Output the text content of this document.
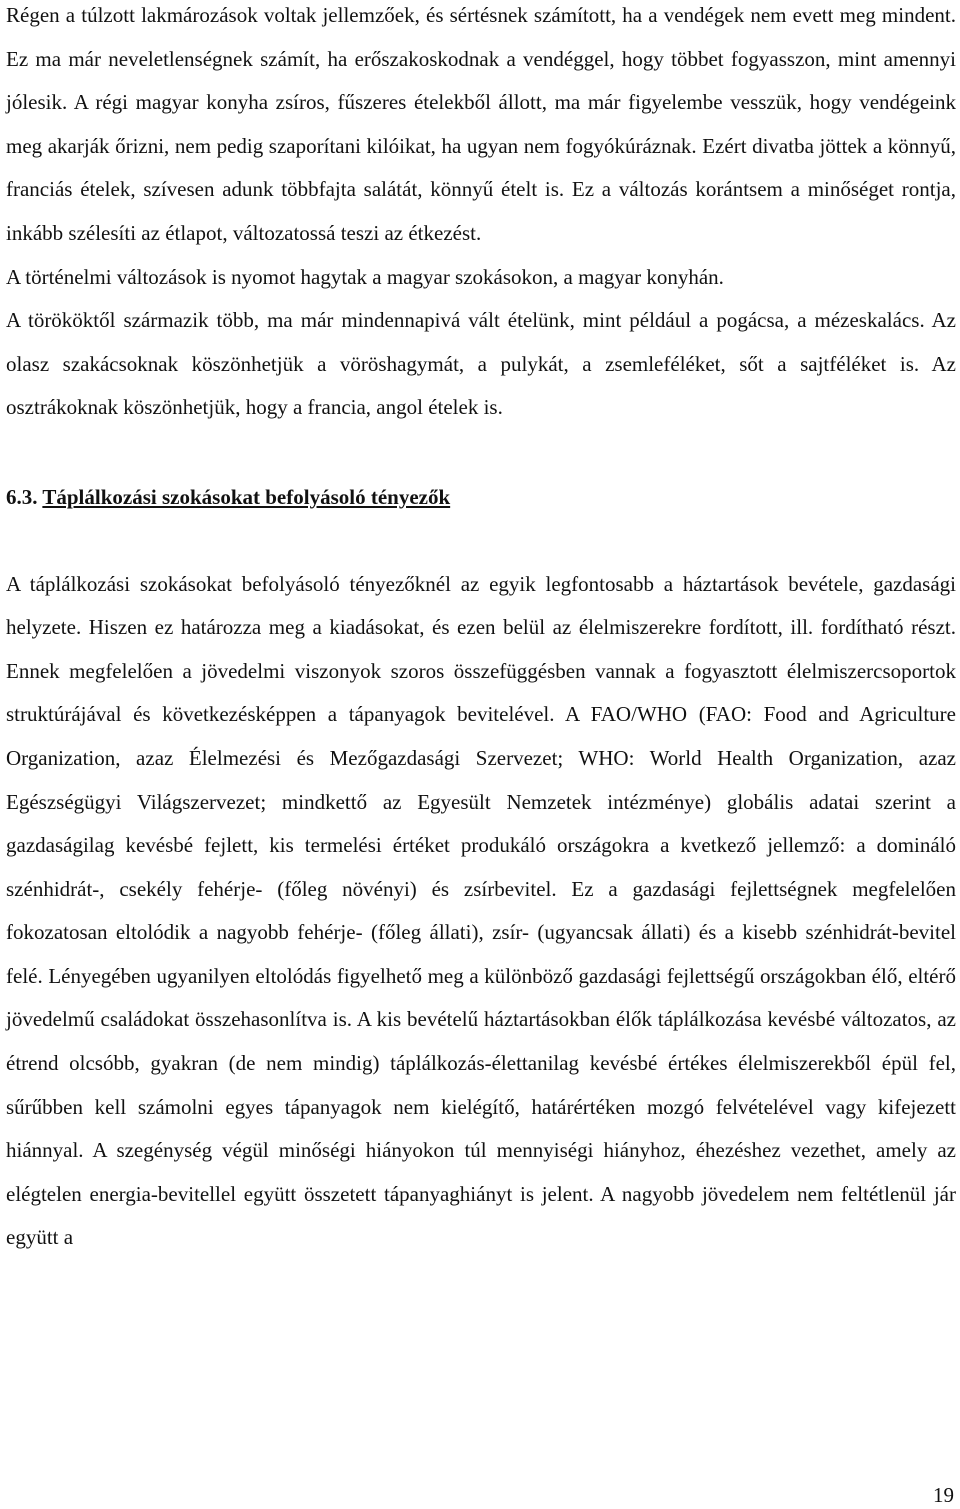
Régen a túlzott lakmározások voltak jellemzőek, és sértésnek számított, ha a vendégek nem evett meg mindent. Ez ma már neveletlenségnek számít, ha erőszakoskodnak a vendéggel, hogy többet fogyasszon, mint amennyi jólesik. A régi magyar konyha zsíros, fűszeres ételekből állott, ma már figyelembe vesszük, hogy vendégeink meg akarják őrizni, nem pedig szaporítani kilóikat, ha ugyan nem fogyókúráznak. Ezért divatba jöttek a könnyű, franciás ételek, szívesen adunk többfajta salátát, könnyű ételt is. Ez a változás korántsem a minőséget rontja, inkább szélesíti az étlapot, változatossá teszi az étkezést.

A történelmi változások is nyomot hagytak a magyar szokásokon, a magyar konyhán.

A törököktől származik több, ma már mindennapivá vált ételünk, mint például a pogácsa, a mézeskalács. Az olasz szakácsoknak köszönhetjük a vöröshagymát, a pulykát, a zsemleféléket, sőt a sajtféléket is. Az osztrákoknak köszönhetjük, hogy a francia, angol ételek is.

6.3. Táplálkozási szokásokat befolyásoló tényezők

A táplálkozási szokásokat befolyásoló tényezőknél az egyik legfontosabb a háztartások bevétele, gazdasági helyzete. Hiszen ez határozza meg a kiadásokat, és ezen belül az élelmiszerekre fordított, ill. fordítható részt. Ennek megfelelően a jövedelmi viszonyok szoros összefüggésben vannak a fogyasztott élelmiszercsoportok struktúrájával és következésképpen a tápanyagok bevitelével. A FAO/WHO (FAO: Food and Agriculture Organization, azaz Élelmezési és Mezőgazdasági Szervezet; WHO: World Health Organization, azaz Egészségügyi Világszervezet; mindkettő az Egyesült Nemzetek intézménye) globális adatai szerint a gazdaságilag kevésbé fejlett, kis termelési értéket produkáló országokra a kvetkező jellemző: a domináló szénhidrát-, csekély fehérje- (főleg növényi) és zsírbevitel. Ez a gazdasági fejlettségnek megfelelően fokozatosan eltolódik a nagyobb fehérje- (főleg állati), zsír- (ugyancsak állati) és a kisebb szénhidrát-bevitel felé. Lényegében ugyanilyen eltolódás figyelhető meg a különböző gazdasági fejlettségű országokban élő, eltérő jövedelmű családokat összehasonlítva is. A kis bevételű háztartásokban élők táplálkozása kevésbé változatos, az étrend olcsóbb, gyakran (de nem mindig) táplálkozás-élettanilag kevésbé értékes élelmiszerekből épül fel, sűrűbben kell számolni egyes tápanyagok nem kielégítő, határértéken mozgó felvételével vagy kifejezett hiánnyal. A szegénység végül minőségi hiányokon túl mennyiségi hiányhoz, éhezéshez vezethet, amely az elégtelen energia-bevitellel együtt összetett tápanyaghiányt is jelent. A nagyobb jövedelem nem feltétlenül jár együtt a

19
